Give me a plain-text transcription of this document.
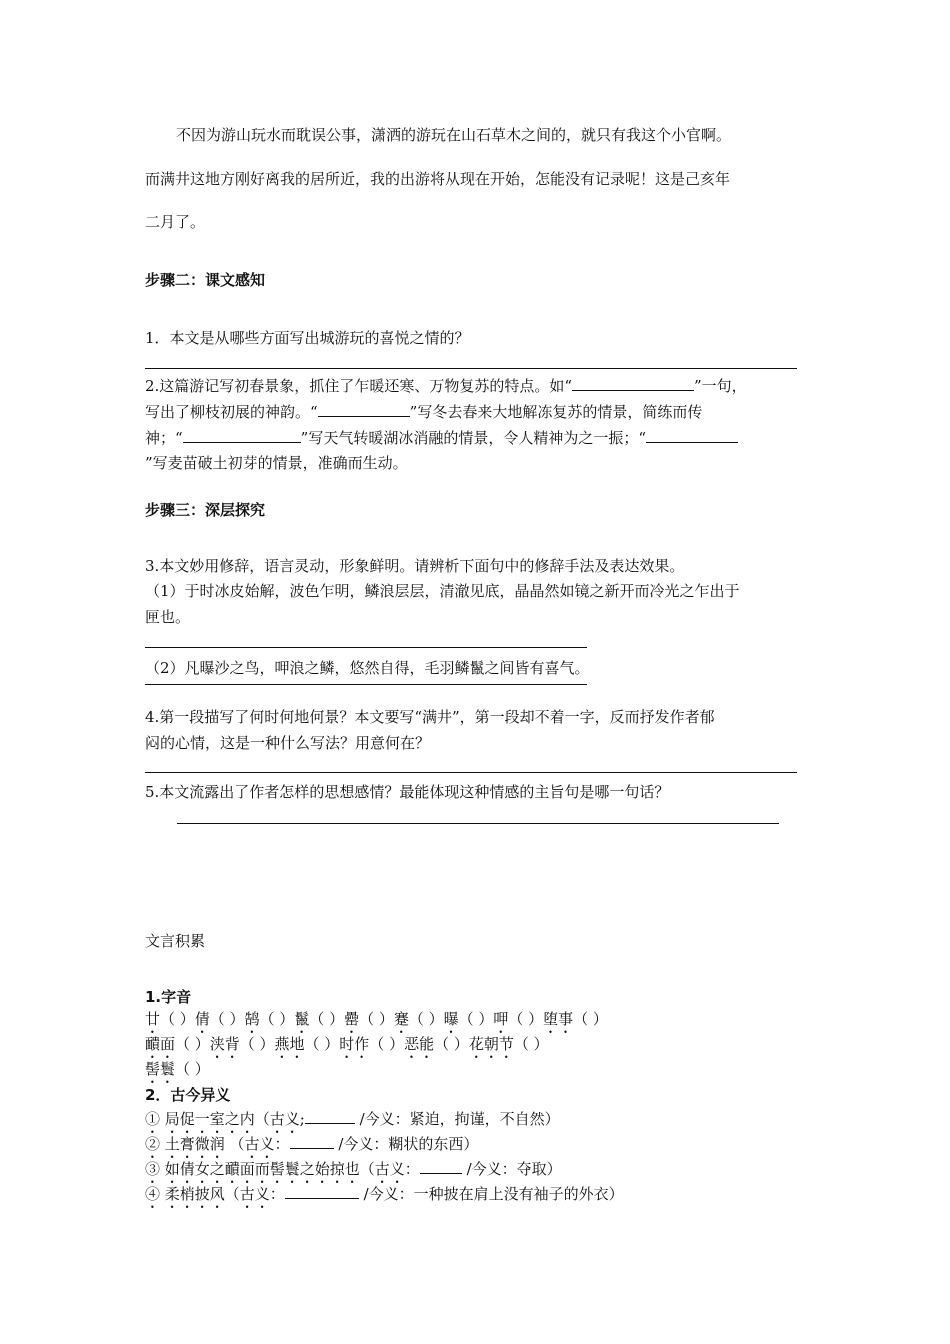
不因为游山玩水而耽误公事，潇洒的游玩在山石草木之间的，就只有我这个小官啊。
而满井这地方刚好离我的居所近，我的出游将从现在开始，怎能没有记录呢！这是己亥年
二月了。
步骤二：课文感知
1．本文是从哪些方面写出城游玩的喜悦之情的？
2.这篇游记写初春景象，抓住了乍暖还寒、万物复苏的特点。如“	”一句，
写出了柳枝初展的神韵。“	”写冬去春来大地解冻复苏的情景，简练而传
神；“	”写天气转暖湖冰消融的情景，令人精神为之一振；“
”写麦苗破土初芽的情景，准确而生动。
步骤三：深层探究
3.本文妙用修辞，语言灵动，形象鲜明。请辨析下面句中的修辞手法及表达效果。
（1）于时冰皮始解，波色乍明，鳞浪层层，清澈见底，晶晶然如镜之新开而冷光之乍出于
匣也。
（2）凡曝沙之鸟，呷浪之鳞，悠然自得，毛羽鳞鬣之间皆有喜气。
4.第一段描写了何时何地何景？本文要写“满井”，第一段却不着一字，反而抒发作者郁
闷的心情，这是一种什么写法？用意何在？
5.本文流露出了作者怎样的思想感情？最能体现这种情感的主旨句是哪一句话？
文言积累
1.字音
廿（ ）倩（ ）鹄（ ）鬣（ ）罍（ ）蹇（ ）曝（ ）呷（ ）堕事（ ）
靧面（ ）浃背（ ）燕地（ ）时作（ ）恶能（ ）花朝节（ ）
髻鬟（ ）
2．古今异义
① 局促一室之内（古义;	/今义：紧迫，拘谨，不自然）
② 土膏微润 （古义：	/今义：糊状的东西）
③ 如倩女之靧面而髻鬟之始掠也（古义：	/今义：夺取）
④ 柔梢披风（古义：	/今义：一种披在肩上没有袖子的外衣）
